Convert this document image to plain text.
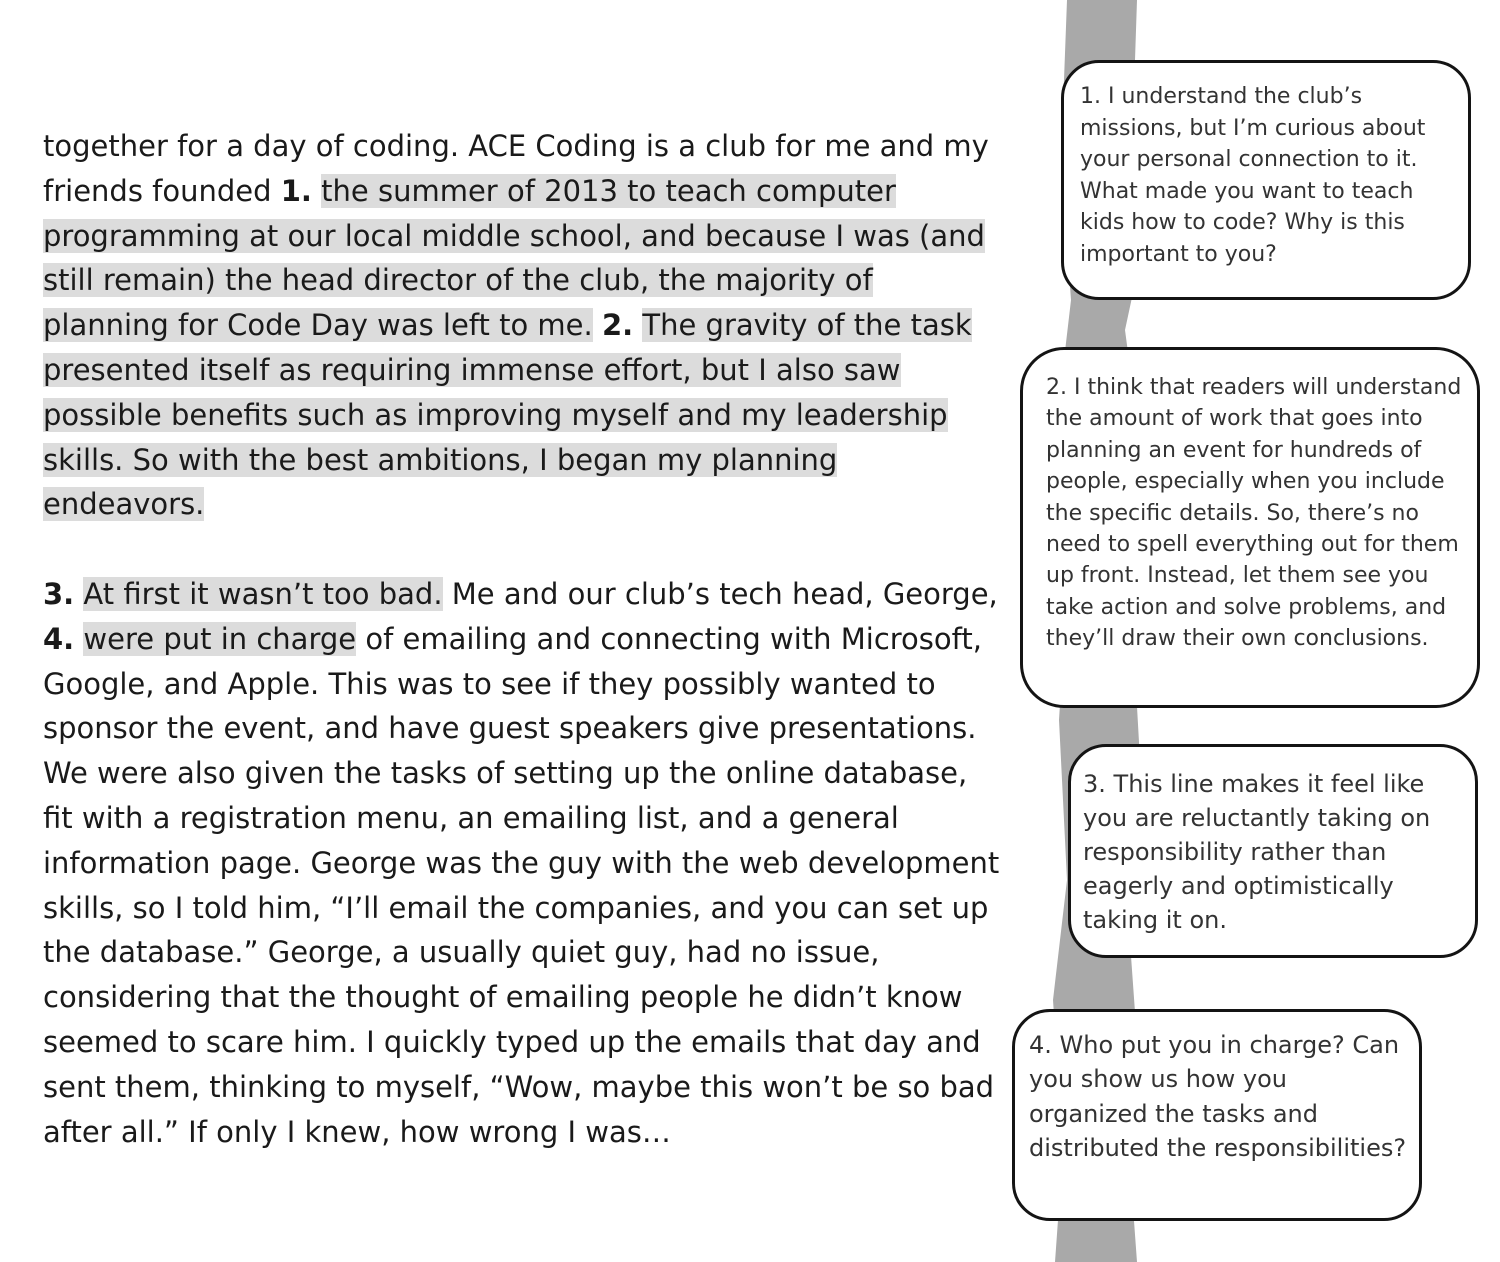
together for a day of coding. ACE Coding is a club for me and my friends founded 1. the summer of 2013 to teach computer programming at our local middle school, and because I was (and still remain) the head director of the club, the majority of planning for Code Day was left to me. 2. The gravity of the task presented itself as requiring immense effort, but I also saw possible benefits such as improving myself and my leadership skills. So with the best ambitions, I began my planning endeavors.

3. At first it wasn’t too bad. Me and our club’s tech head, George,
4. were put in charge of emailing and connecting with Microsoft, Google, and Apple. This was to see if they possibly wanted to sponsor the event, and have guest speakers give presentations. We were also given the tasks of setting up the online database, fit with a registration menu, an emailing list, and a general information page. George was the guy with the web development skills, so I told him, “I’ll email the companies, and you can set up the database.” George, a usually quiet guy, had no issue, considering that the thought of emailing people he didn’t know seemed to scare him. I quickly typed up the emails that day and sent them, thinking to myself, “Wow, maybe this won’t be so bad after all.” If only I knew, how wrong I was…

1. I understand the club’s missions, but I’m curious about your personal connection to it. What made you want to teach kids how to code? Why is this important to you?
2. I think that readers will understand the amount of work that goes into planning an event for hundreds of people, especially when you include the specific details. So, there’s no need to spell everything out for them up front. Instead, let them see you take action and solve problems, and they’ll draw their own conclusions.
3. This line makes it feel like you are reluctantly taking on responsibility rather than eagerly and optimistically taking it on.
4. Who put you in charge? Can you show us how you organized the tasks and distributed the responsibilities?
